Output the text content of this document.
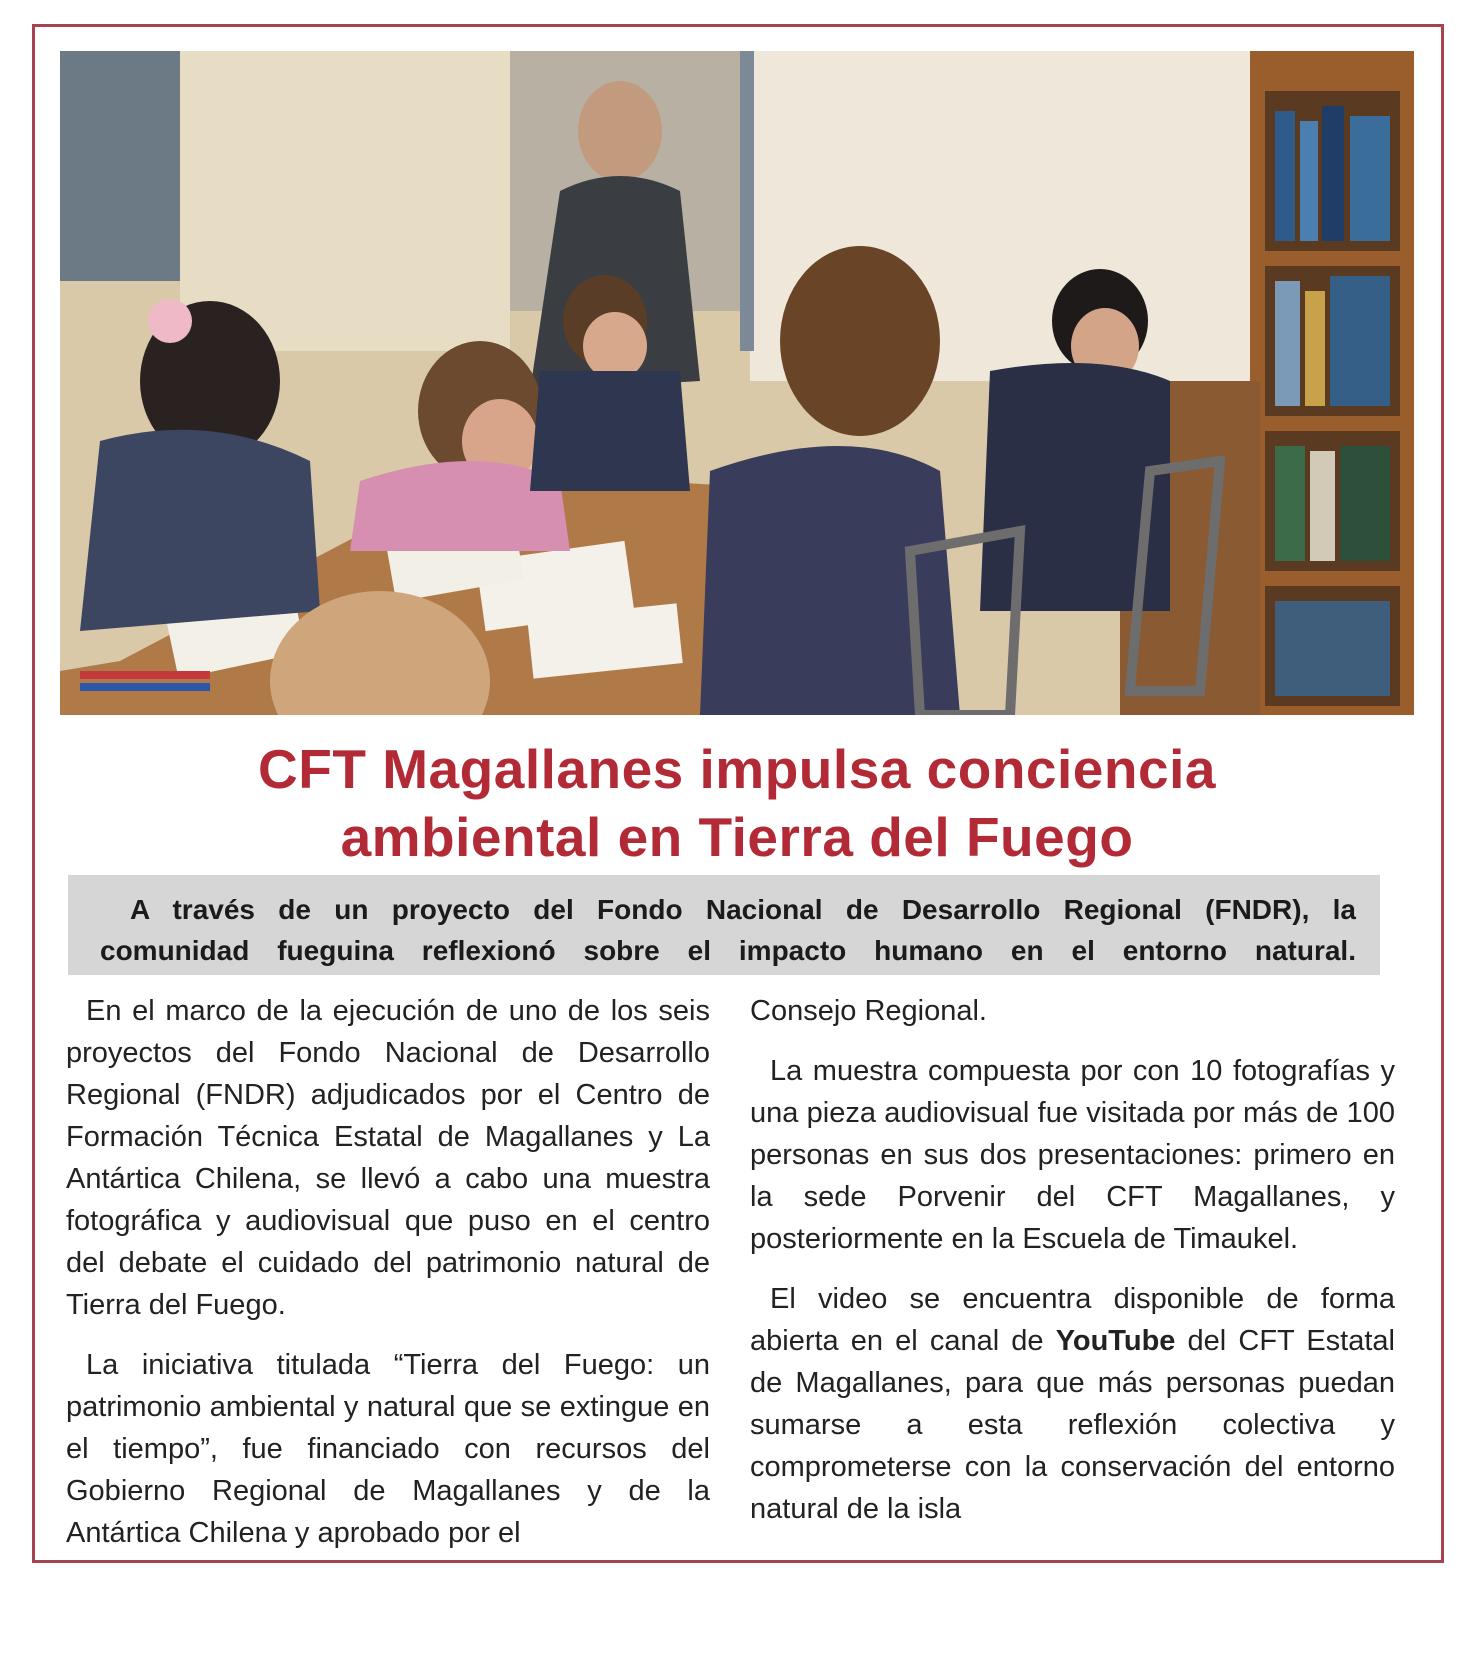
CFT Magallanes impulsa conciencia
ambiental en Tierra del Fuego
A través de un proyecto del Fondo Nacional de Desarrollo Regional (FNDR), la
comunidad fueguina reflexionó sobre el impacto humano en el entorno natural.

En el marco de la ejecución de uno de los seis proyectos del Fondo Nacional de Desarrollo Regional (FNDR) adjudicados por el Centro de Formación Técnica Estatal de Magallanes y La Antártica Chilena, se llevó a cabo una muestra fotográfica y audiovisual que puso en el centro del debate el cuidado del patrimonio natural de Tierra del Fuego.

La iniciativa titulada “Tierra del Fuego: un patrimonio ambiental y natural que se extingue en el tiempo”, fue financiado con recursos del Gobierno Regional de Magallanes y de la Antártica Chilena y aprobado por el

Consejo Regional.

La muestra compuesta por con 10 fotografías y una pieza audiovisual fue visitada por más de 100 personas en sus dos presentaciones: primero en la sede Porvenir del CFT Magallanes, y posteriormente en la Escuela de Timaukel.

El video se encuentra disponible de forma abierta en el canal de YouTube del CFT Estatal de Magallanes, para que más personas puedan sumarse a esta reflexión colectiva y comprometerse con la conservación del entorno natural de la isla
